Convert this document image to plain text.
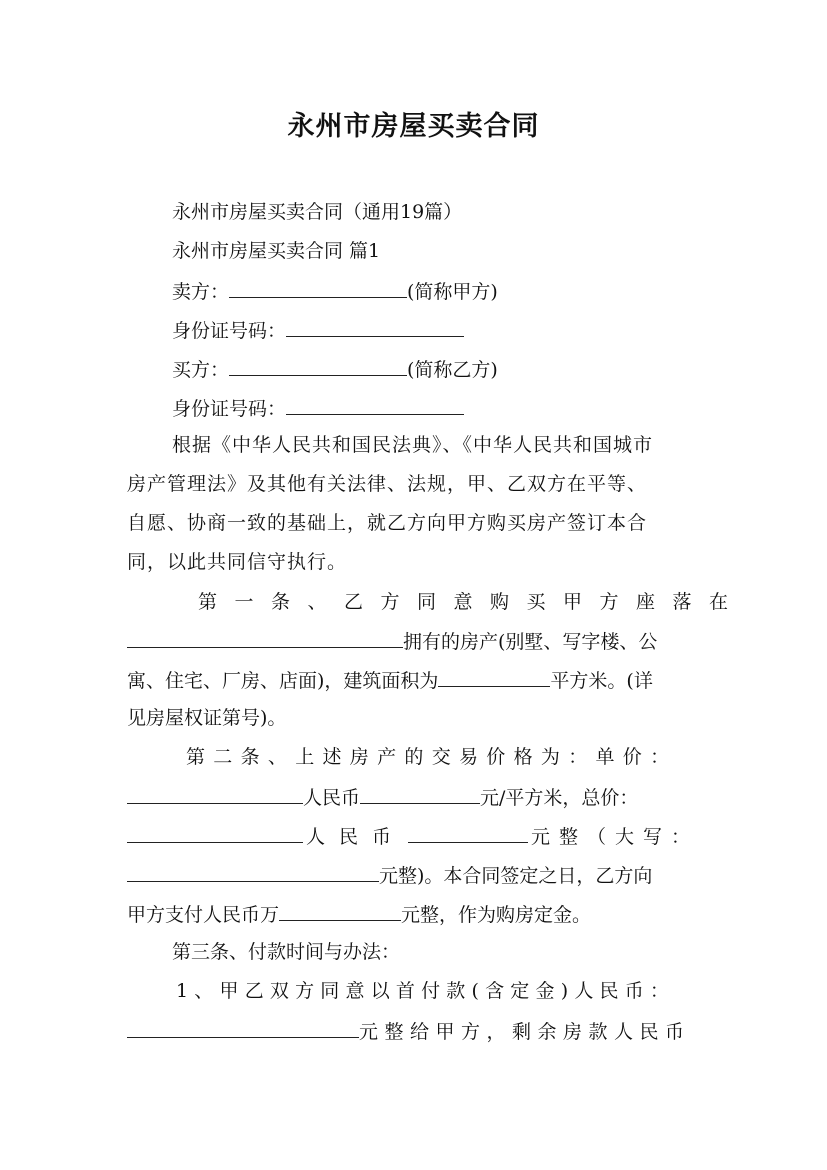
永州市房屋买卖合同
永州市房屋买卖合同（通用19篇）
永州市房屋买卖合同 篇1
卖方：	(简称甲方)
身份证号码：
买方：	(简称乙方)
身份证号码：
根据《中华人民共和国民法典》、《中华人民共和国城市
房产管理法》及其他有关法律、法规，甲、乙双方在平等、
自愿、协商一致的基础上，就乙方向甲方购买房产签订本合
同，以此共同信守执行。
第一条、乙方同意购买甲方座落在
拥有的房产(别墅、写字楼、公
寓、住宅、厂房、店面)，建筑面积为	平方米。(详
见房屋权证第号)。
第二条、上述房产的交易价格为：单价：
人民币	元/平方米，总价：
人民币	元整（大写：
元整)。本合同签定之日，乙方向
甲方支付人民币万	元整，作为购房定金。
第三条、付款时间与办法：
1、甲乙双方同意以首付款(含定金)人民币：
元整给甲方，剩余房款人民币
